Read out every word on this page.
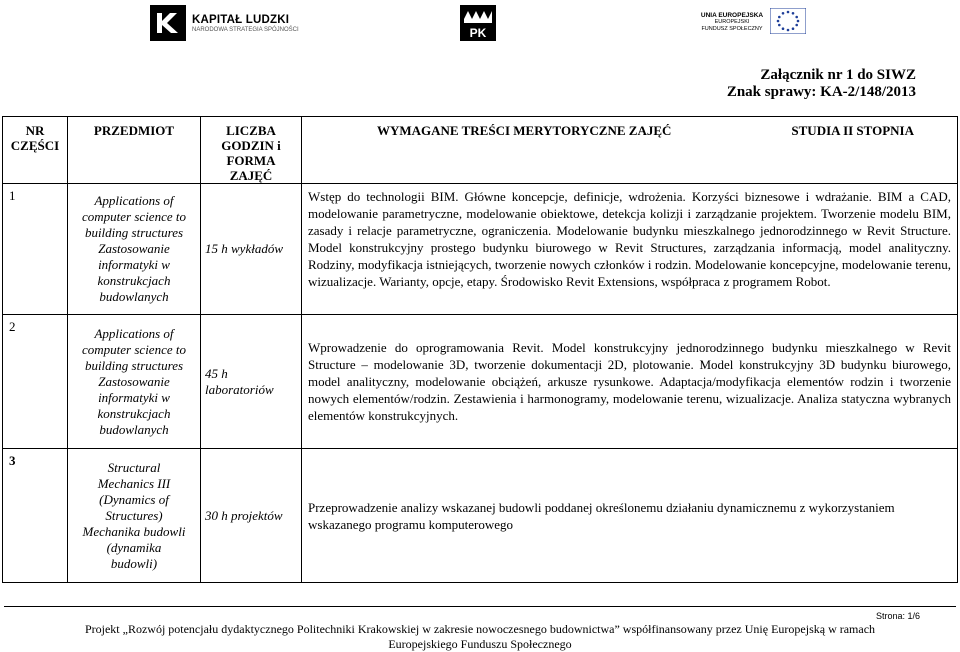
KAPITAŁ LUDZKI
NARODOWA STRATEGIA SPÓJNOŚCI	PK
UNIA EUROPEJSKA
EUROPEJSKI
FUNDUSZ SPOŁECZNY
Załącznik nr 1 do SIWZ
Znak sprawy: KA-2/148/2013
NR CZĘŚCI	PRZEDMIOT	LICZBA GODZIN i FORMA ZAJĘĆ	WYMAGANE TREŚCI MERYTORYCZNE ZAJĘĆ STUDIA II STOPNIA

1	Applications of computer science to building structures Zastosowanie informatyki w konstrukcjach budowlanych	15 h wykładów	Wstęp do technologii BIM. Główne koncepcje, definicje, wdrożenia. Korzyści biznesowe i wdrażanie. BIM a CAD, modelowanie parametryczne, modelowanie obiektowe, detekcja kolizji i zarządzanie projektem. Tworzenie modelu BIM, zasady i relacje parametryczne, ograniczenia. Modelowanie budynku mieszkalnego jednorodzinnego w Revit Structure. Model konstrukcyjny prostego budynku biurowego w Revit Structures, zarządzania informacją, model analityczny. Rodziny, modyfikacja istniejących, tworzenie nowych członków i rodzin. Modelowanie koncepcyjne, modelowanie terenu, wizualizacje. Warianty, opcje, etapy. Środowisko Revit Extensions, współpraca z programem Robot.
2	Applications of computer science to building structures Zastosowanie informatyki w konstrukcjach budowlanych	45 h laboratoriów	Wprowadzenie do oprogramowania Revit. Model konstrukcyjny jednorodzinnego budynku mieszkalnego w Revit Structure – modelowanie 3D, tworzenie dokumentacji 2D, plotowanie. Model konstrukcyjny 3D budynku biurowego, model analityczny, modelowanie obciążeń, arkusze rysunkowe. Adaptacja/modyfikacja elementów rodzin i tworzenie nowych elementów/rodzin. Zestawienia i harmonogramy, modelowanie terenu, wizualizacje. Analiza statyczna wybranych elementów konstrukcyjnych.
3	Structural Mechanics III (Dynamics of Structures) Mechanika budowli (dynamika budowli)	30 h projektów	Przeprowadzenie analizy wskazanej budowli poddanej określonemu działaniu dynamicznemu z wykorzystaniem wskazanego programu komputerowego
Strona: 1/6
Projekt „Rozwój potencjału dydaktycznego Politechniki Krakowskiej w zakresie nowoczesnego budownictwa” współfinansowany przez Unię Europejską w ramach
Europejskiego Funduszu Społecznego
